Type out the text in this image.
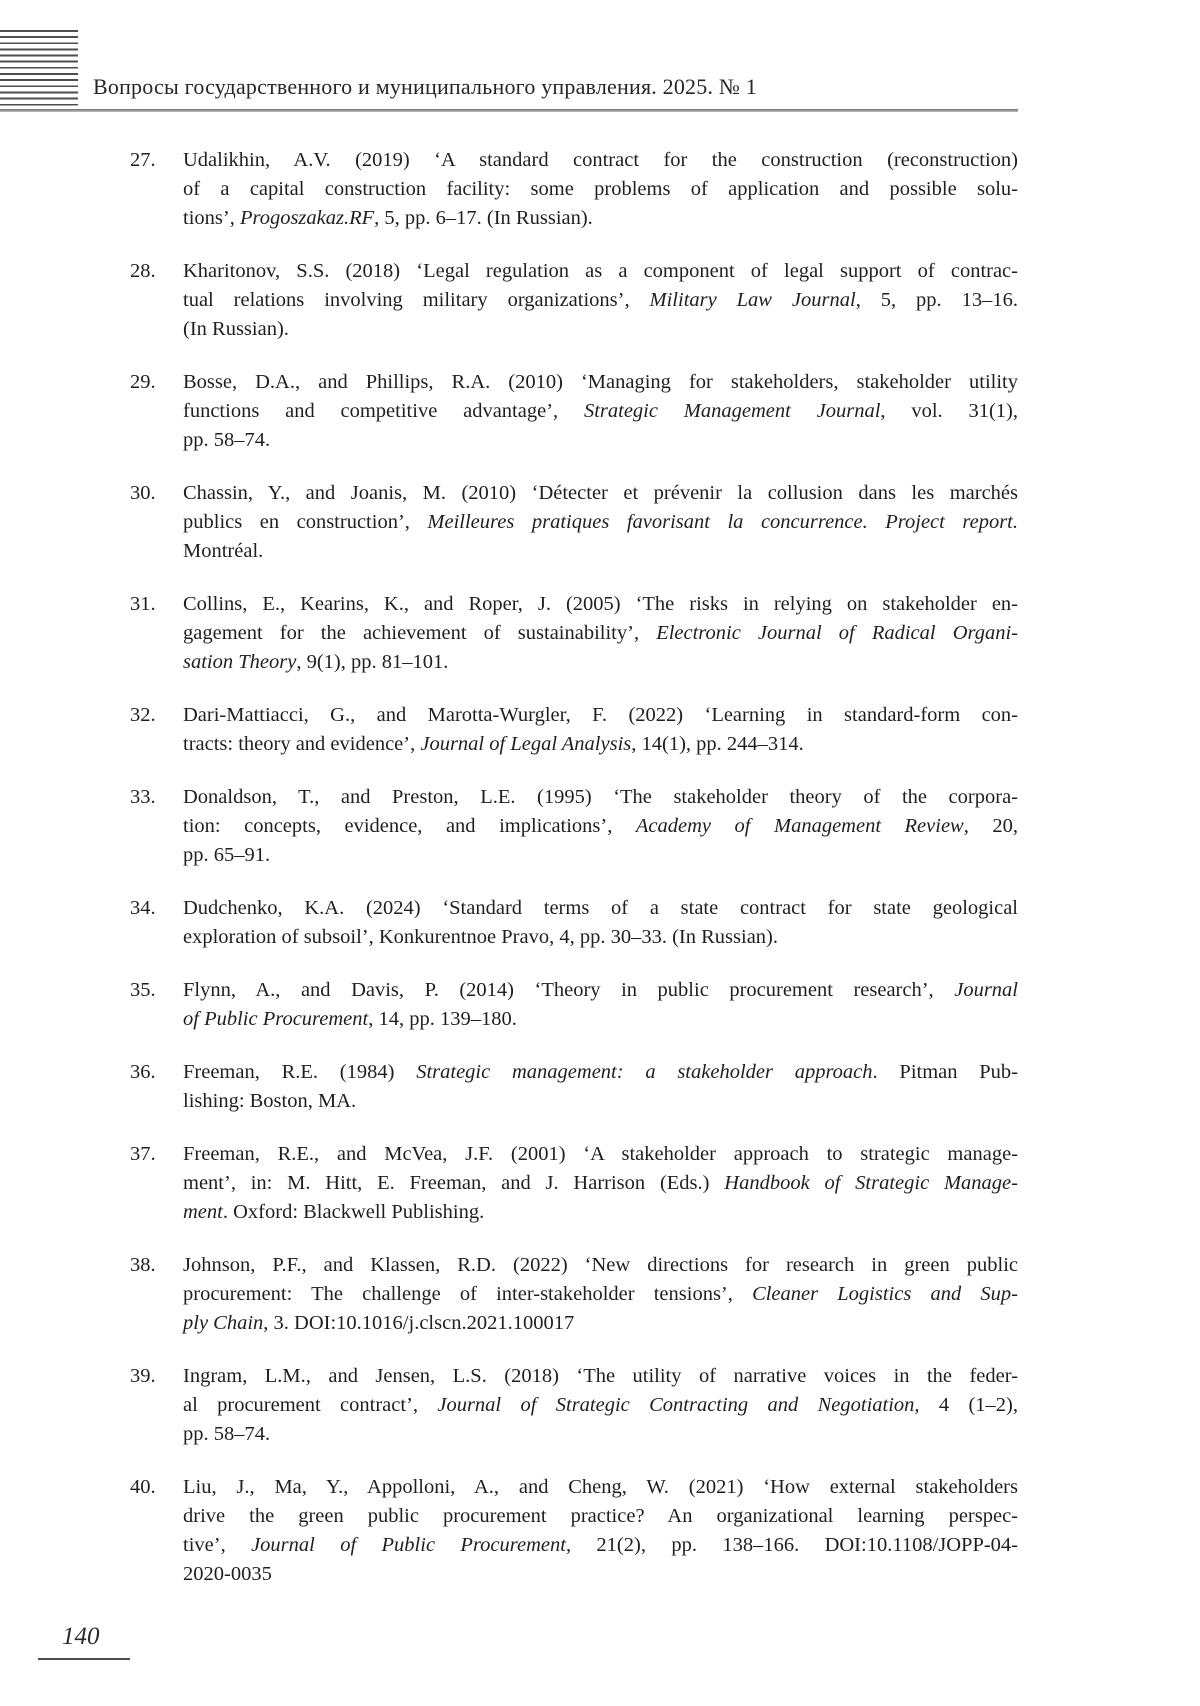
Вопросы государственного и муниципального управления. 2025. № 1
27.	Udalikhin, A.V. (2019) ‘A standard contract for the construction (reconstruction)
of a capital construction facility: some problems of application and possible solu-
tions’, Progoszakaz.RF, 5, pp. 6–17. (In Russian).
28.	Kharitonov, S.S. (2018) ‘Legal regulation as a component of legal support of contrac-
tual relations involving military organizations’, Military Law Journal, 5, pp. 13–16.
(In Russian).
29.	Bosse, D.A., and Phillips, R.A. (2010) ‘Managing for stakeholders, stakeholder utility
functions and competitive advantage’, Strategic Management Journal, vol. 31(1),
pp. 58–74.
30.	Chassin, Y., and Joanis, M. (2010) ‘Détecter et prévenir la collusion dans les marchés
publics en construction’, Meilleures pratiques favorisant la concurrence. Project report.
Montréal.
31.	Collins, E., Kearins, K., and Roper, J. (2005) ‘The risks in relying on stakeholder en-
gagement for the achievement of sustainability’, Electronic Journal of Radical Organi-
sation Theory, 9(1), pp. 81–101.
32.	Dari-Mattiacci, G., and Marotta-Wurgler, F. (2022) ‘Learning in standard-form con-
tracts: theory and evidence’, Journal of Legal Analysis, 14(1), pp. 244–314.
33.	Donaldson, T., and Preston, L.E. (1995) ‘The stakeholder theory of the corpora-
tion: concepts, evidence, and implications’, Academy of Management Review, 20,
pp. 65–91.
34.	Dudchenko, K.A. (2024) ‘Standard terms of a state contract for state geological
exploration of subsoil’, Konkurentnoe Pravo, 4, pp. 30–33. (In Russian).
35.	Flynn, A., and Davis, P. (2014) ‘Theory in public procurement research’, Journal
of Public Procurement, 14, pp. 139–180.
36.	Freeman, R.E. (1984) Strategic management: a stakeholder approach. Pitman Pub-
lishing: Boston, MA.
37.	Freeman, R.E., and McVea, J.F. (2001) ‘A stakeholder approach to strategic manage-
ment’, in: M. Hitt, E. Freeman, and J. Harrison (Eds.) Handbook of Strategic Manage-
ment. Oxford: Blackwell Publishing.
38.	Johnson, P.F., and Klassen, R.D. (2022) ‘New directions for research in green public
procurement: The challenge of inter-stakeholder tensions’, Cleaner Logistics and Sup-
ply Chain, 3. DOI:10.1016/j.clscn.2021.100017
39.	Ingram, L.M., and Jensen, L.S. (2018) ‘The utility of narrative voices in the feder-
al procurement contract’, Journal of Strategic Contracting and Negotiation, 4 (1–2),
pp. 58–74.
40.	Liu, J., Ma, Y., Appolloni, A., and Cheng, W. (2021) ‘How external stakeholders
drive the green public procurement practice? An organizational learning perspec-
tive’, Journal of Public Procurement, 21(2), pp. 138–166. DOI:10.1108/JOPP-04-
2020-0035
140
